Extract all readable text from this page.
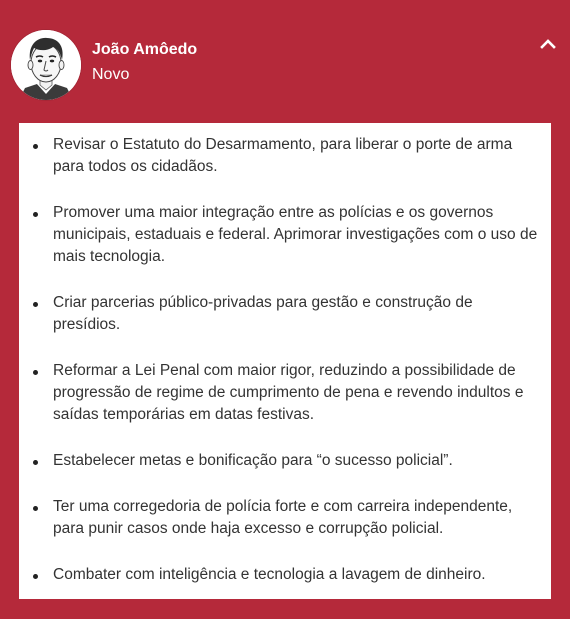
João Amôedo
Novo
Revisar o Estatuto do Desarmamento, para liberar o porte de arma para todos os cidadãos.
Promover uma maior integração entre as polícias e os governos municipais, estaduais e federal. Aprimorar investigações com o uso de mais tecnologia.
Criar parcerias público-privadas para gestão e construção de presídios.
Reformar a Lei Penal com maior rigor, reduzindo a possibilidade de progressão de regime de cumprimento de pena e revendo indultos e saídas temporárias em datas festivas.
Estabelecer metas e bonificação para “o sucesso policial”.
Ter uma corregedoria de polícia forte e com carreira independente, para punir casos onde haja excesso e corrupção policial.
Combater com inteligência e tecnologia a lavagem de dinheiro.
